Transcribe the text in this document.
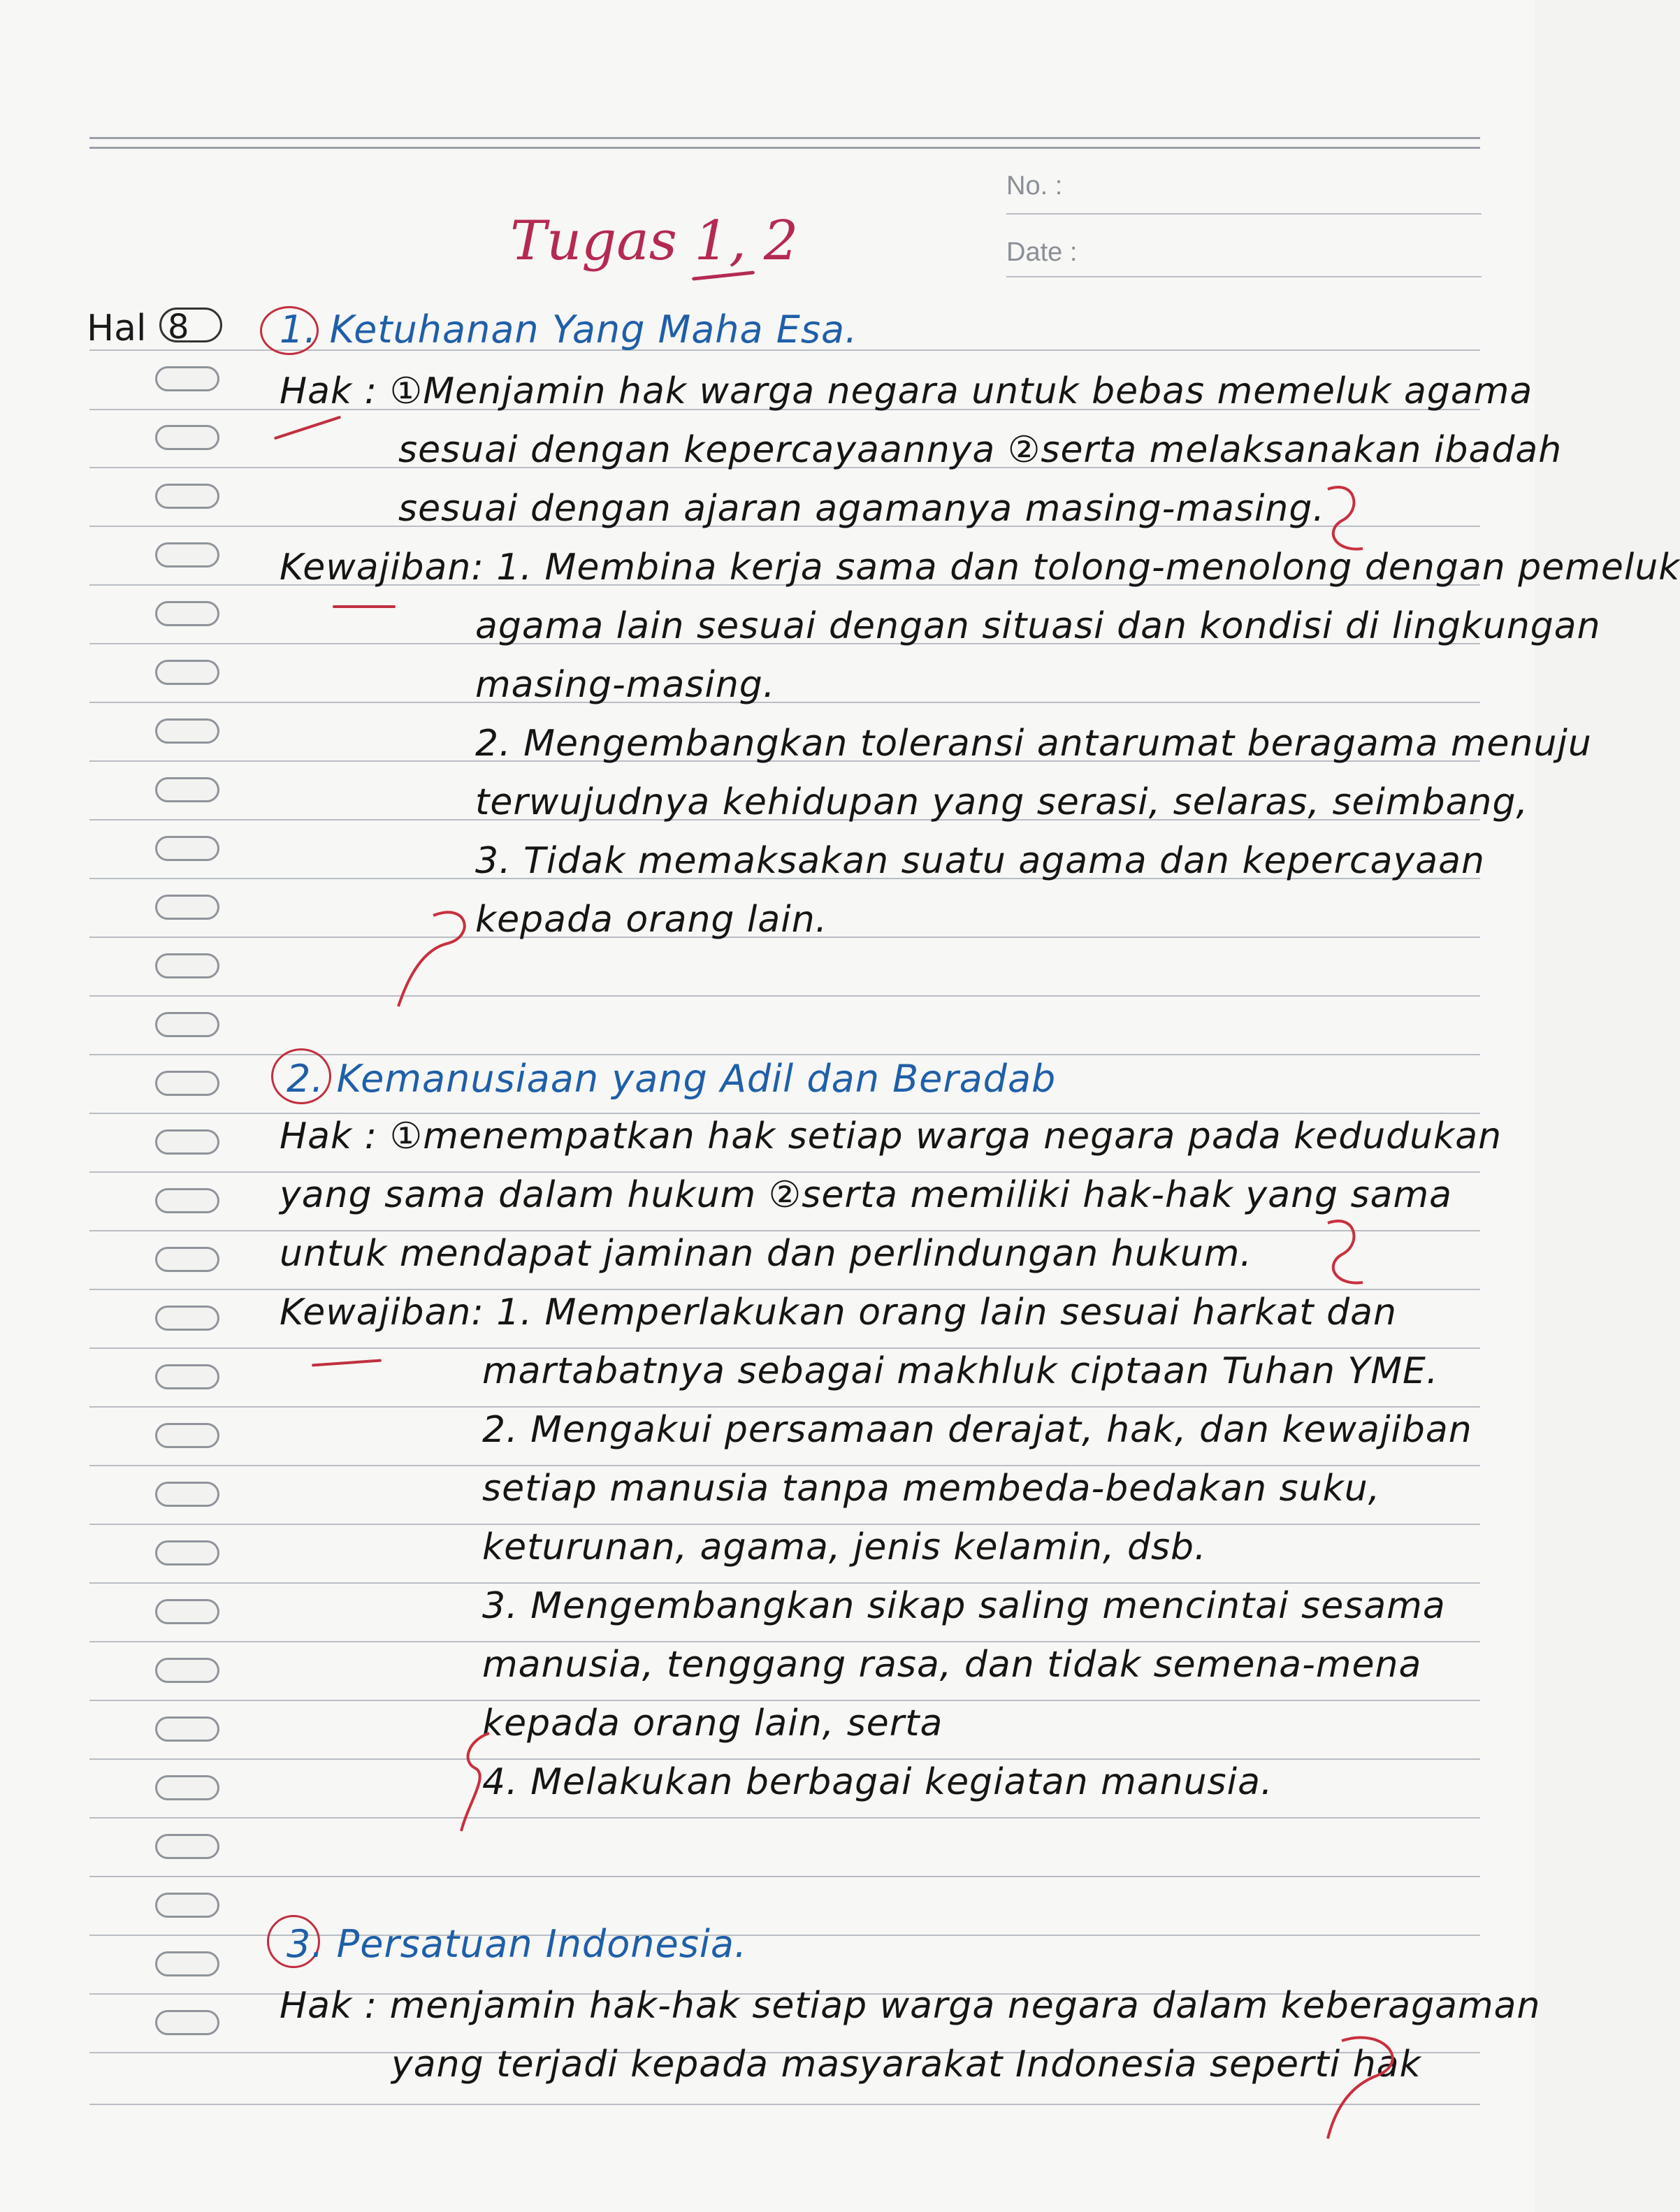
No. :
Date :
Tugas 1, 2
Hal 8 1. Ketuhanan Yang Maha Esa.
Hak : ①Menjamin hak warga negara untuk bebas memeluk agama
sesuai dengan kepercayaannya ②serta melaksanakan ibadah
sesuai dengan ajaran agamanya masing-masing.
Kewajiban: 1. Membina kerja sama dan tolong-menolong dengan pemeluk
agama lain sesuai dengan situasi dan kondisi di lingkungan
masing-masing.
2. Mengembangkan toleransi antarumat beragama menuju
terwujudnya kehidupan yang serasi, selaras, seimbang,
3. Tidak memaksakan suatu agama dan kepercayaan
kepada orang lain.
2. Kemanusiaan yang Adil dan Beradab
Hak : ①menempatkan hak setiap warga negara pada kedudukan
yang sama dalam hukum ②serta memiliki hak-hak yang sama
untuk mendapat jaminan dan perlindungan hukum.
Kewajiban: 1. Memperlakukan orang lain sesuai harkat dan
martabatnya sebagai makhluk ciptaan Tuhan YME.
2. Mengakui persamaan derajat, hak, dan kewajiban
setiap manusia tanpa membeda-bedakan suku,
keturunan, agama, jenis kelamin, dsb.
3. Mengembangkan sikap saling mencintai sesama
manusia, tenggang rasa, dan tidak semena-mena
kepada orang lain, serta
4. Melakukan berbagai kegiatan manusia.
3. Persatuan Indonesia.
Hak : menjamin hak-hak setiap warga negara dalam keberagaman
yang terjadi kepada masyarakat Indonesia seperti hak
